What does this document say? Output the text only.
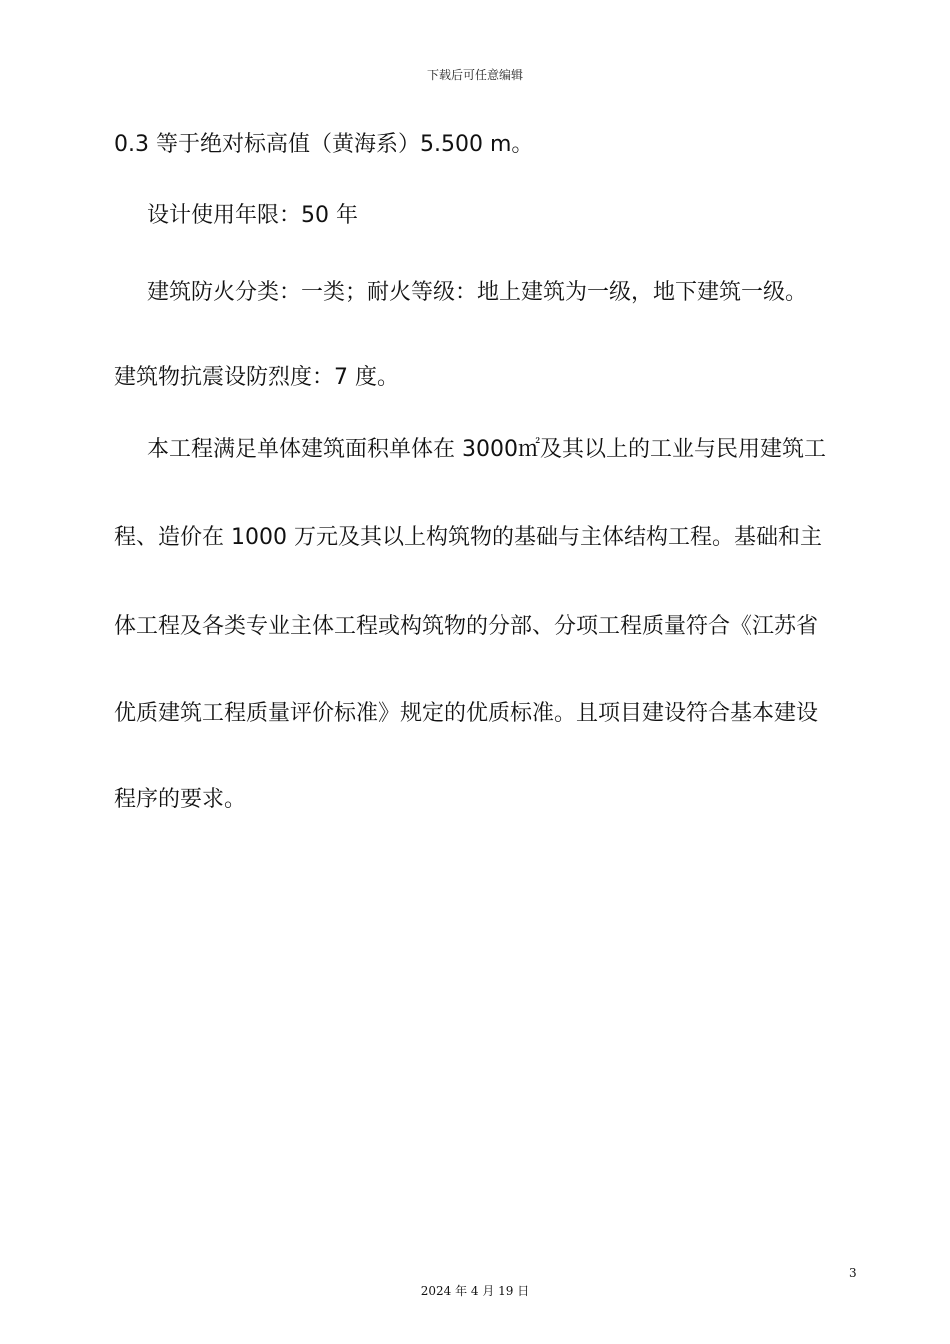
下载后可任意编辑
0.3 等于绝对标高值（黄海系）5.500 m。
设计使用年限：50 年
建筑防火分类：一类；耐火等级：地上建筑为一级，地下建筑一级。
建筑物抗震设防烈度：7 度。
本工程满足单体建筑面积单体在 3000㎡及其以上的工业与民用建筑工
程、造价在 1000 万元及其以上构筑物的基础与主体结构工程。基础和主
体工程及各类专业主体工程或构筑物的分部、分项工程质量符合《江苏省
优质建筑工程质量评价标准》规定的优质标准。且项目建设符合基本建设
程序的要求。
3
2024 年 4 月 19 日
